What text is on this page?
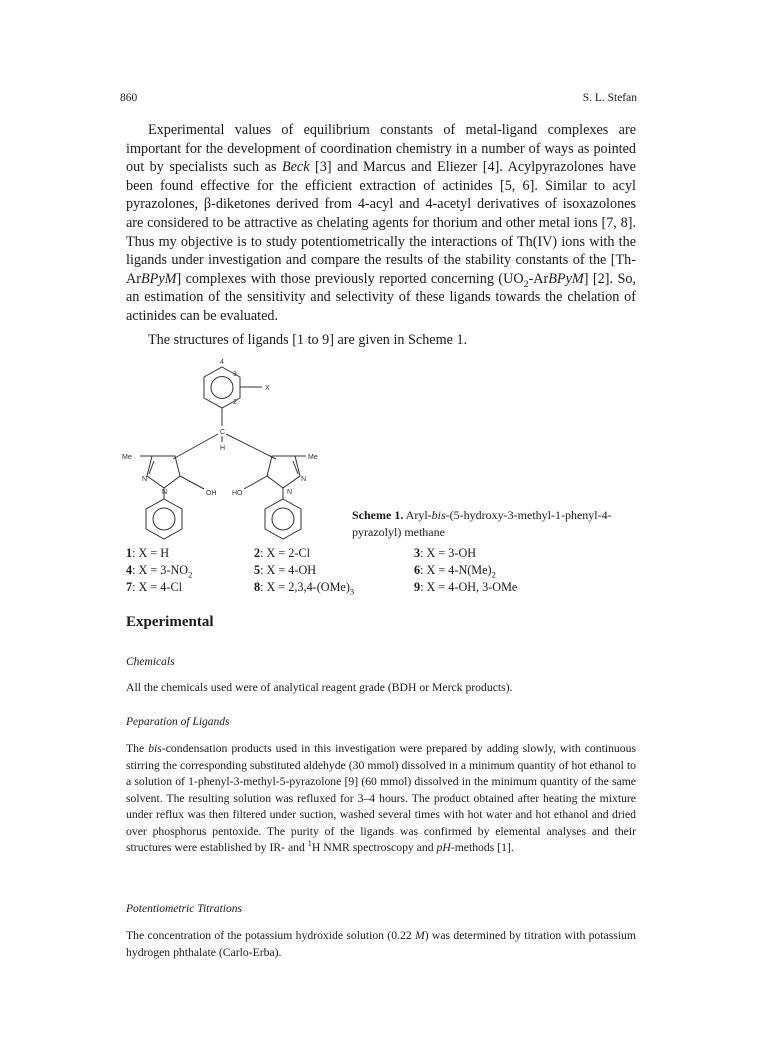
860	S. L. Stefan
Experimental values of equilibrium constants of metal-ligand complexes are important for the development of coordination chemistry in a number of ways as pointed out by specialists such as Beck [3] and Marcus and Eliezer [4]. Acylpyrazolones have been found effective for the efficient extraction of actinides [5, 6]. Similar to acyl pyrazolones, β-diketones derived from 4-acyl and 4-acetyl derivatives of isoxazolones are considered to be attractive as chelating agents for thorium and other metal ions [7, 8]. Thus my objective is to study potentiometrically the interactions of Th(IV) ions with the ligands under investigation and compare the results of the stability constants of the [Th-ArBPyM] complexes with those previously reported concerning $(UO_2-ArBPyM]$ [2]. So, an estimation of the sensitivity and selectivity of these ligands towards the chelation of actinides can be evaluated.
The structures of ligands [1 to 9] are given in Scheme 1.
4
3
2
X
C
H
Me	Me
N
N
N
N
OH HO
Scheme 1. Aryl-bis-(5-hydroxy-3-methyl-1-phenyl-4-pyrazolyl) methane
1: X = H	2: X = 2-Cl	3: X = 3-OH
4: $X = 3-NO_2$	5: X = 4-OH	6: $X = 4-N(Me)_2$
7: X = 4-Cl	8: $X = 2,3,4-(OMe)_3$	9: X = 4-OH, 3-OMe
Experimental
Chemicals
All the chemicals used were of analytical reagent grade (BDH or Merck products).
Peparation of Ligands
The bis-condensation products used in this investigation were prepared by adding slowly, with continuous stirring the corresponding substituted aldehyde (30 mmol) dissolved in a minimum quantity of hot ethanol to a solution of 1-phenyl-3-methyl-5-pyrazolone [9] (60 mmol) dissolved in the minimum quantity of the same solvent. The resulting solution was refluxed for 3–4 hours. The product obtained after heating the mixture under reflux was then filtered under suction, washed several times with hot water and hot ethanol and dried over phosphorus pentoxide. The purity of the ligands was confirmed by elemental analyses and their structures were established by IR- and $^1$H NMR spectroscopy and pH-methods [1].
Potentiometric Titrations
The concentration of the potassium hydroxide solution (0.22 M) was determined by titration with potassium hydrogen phthalate (Carlo-Erba).
